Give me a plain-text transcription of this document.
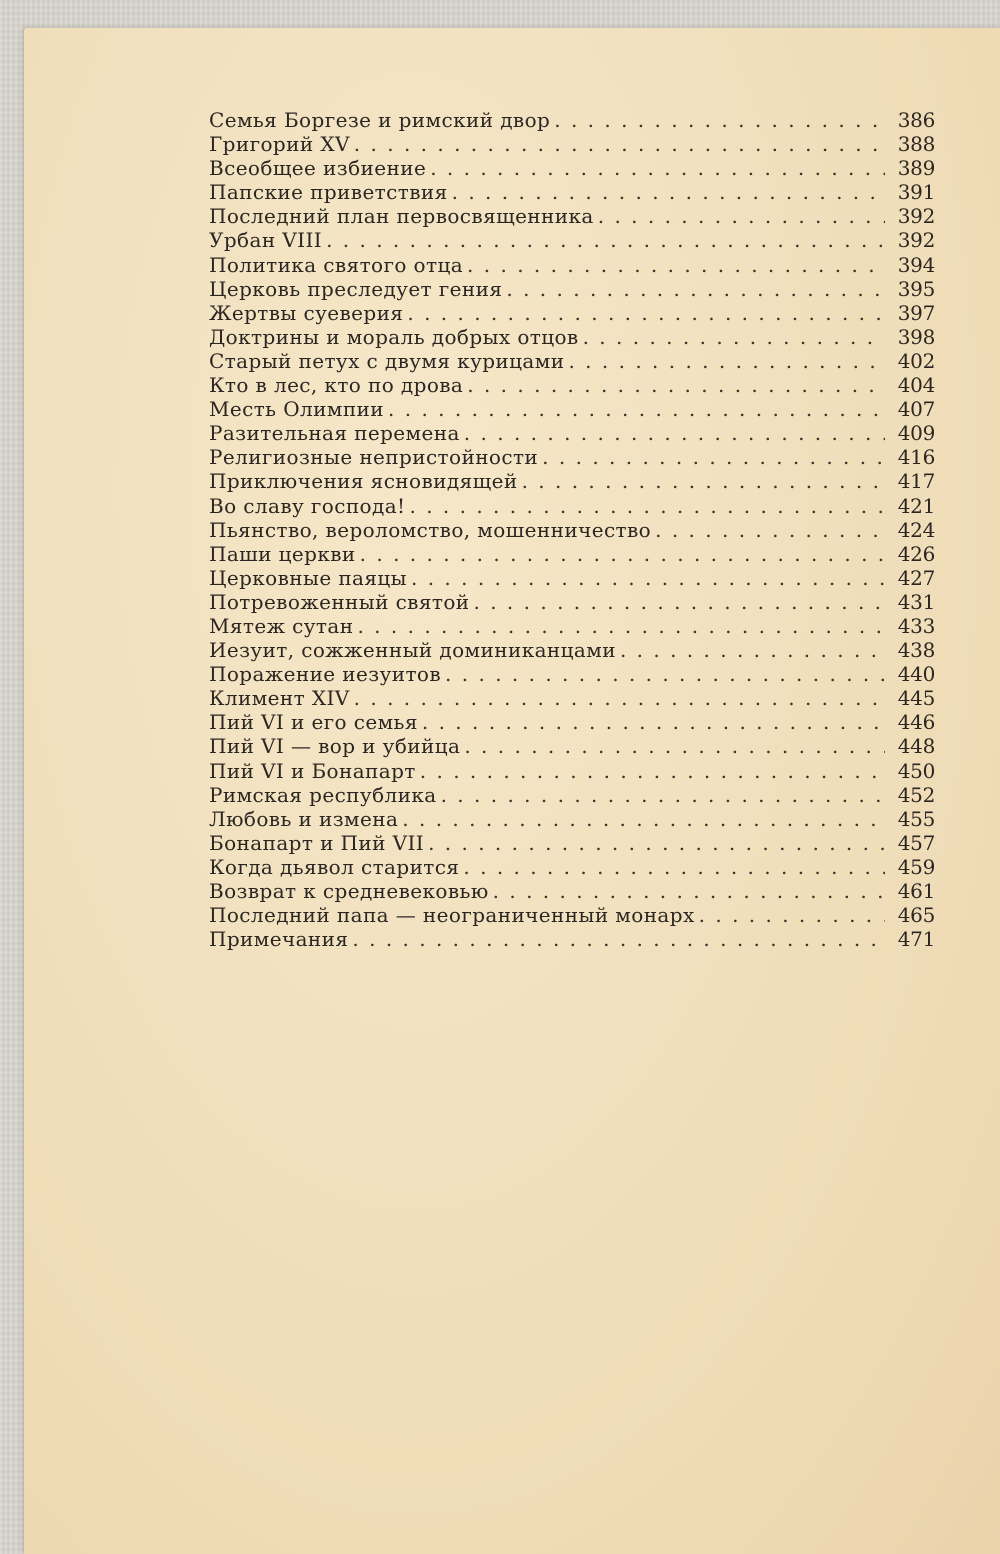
Семья Боргезе и римский двор . . .	386
Григорий XV . . .	388
Всеобщее избиение . . .	389
Папские приветствия . . .	391
Последний план первосвященника . . .	392
Урбан VIII . . .	392
Политика святого отца . . .	394
Церковь преследует гения . . .	395
Жертвы суеверия . . .	397
Доктрины и мораль добрых отцов . . .	398
Старый петух с двумя курицами . . .	402
Кто в лес, кто по дрова . . .	404
Месть Олимпии . . .	407
Разительная перемена . . .	409
Религиозные непристойности . . .	416
Приключения ясновидящей . . .	417
Во славу господа! . . .	421
Пьянство, вероломство, мошенничество . . .	424
Паши церкви . . .	426
Церковные паяцы . . .	427
Потревоженный святой . . .	431
Мятеж сутан . . .	433
Иезуит, сожженный доминиканцами . . .	438
Поражение иезуитов . . .	440
Климент XIV . . .	445
Пий VI и его семья . . .	446
Пий VI — вор и убийца . . .	448
Пий VI и Бонапарт . . .	450
Римская республика . . .	452
Любовь и измена . . .	455
Бонапарт и Пий VII . . .	457
Когда дьявол старится . . .	459
Возврат к средневековью . . .	461
Последний папа — неограниченный монарх . . .	465
Примечания . . .	471
